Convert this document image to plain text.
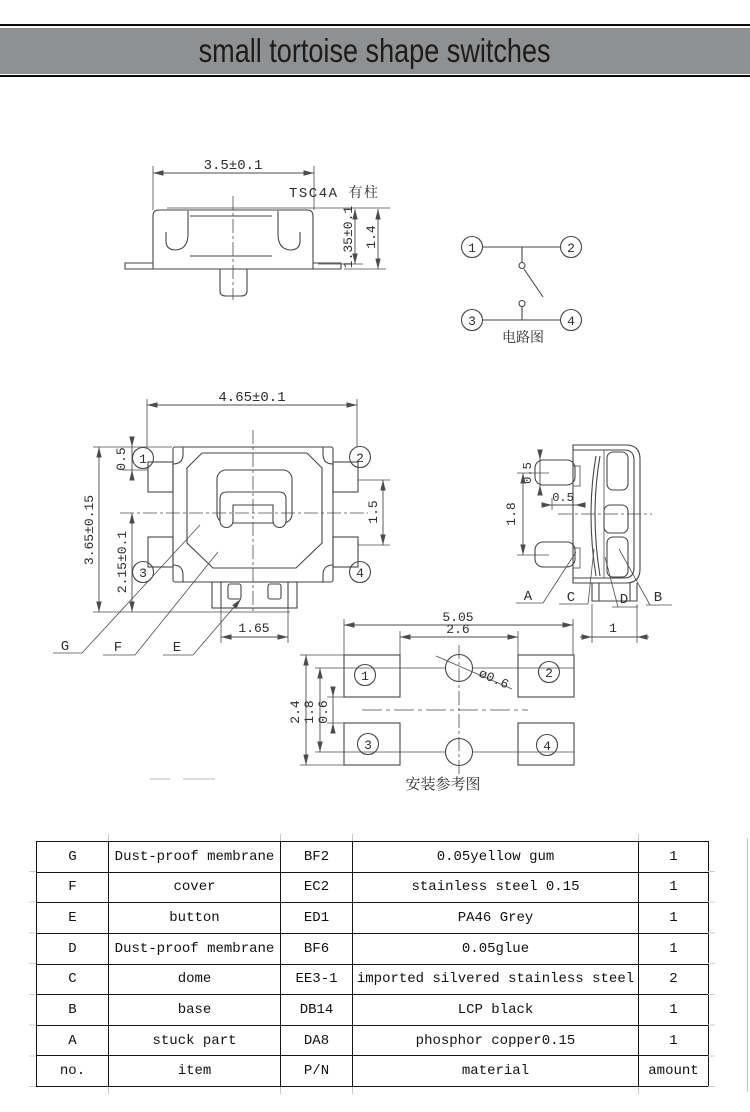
small tortoise shape switches
3.5±0.1
TSC4A 有柱
1.35±0.1 1.4	1	2
3	4
电路图
4.65±0.1
1	2
3	4
0.5
3.65±0.15 2.15±0.1
1.5
1.65
G	F	E
0.5
0.5
1.8
1
A C	D B
1	2
3	4
5.05
2.6
2.4 1.8 0.6
ø0.6
安装参考图
G	Dust-proof membrane	BF2	0.05yellow gum	1
F	cover	EC2	stainless steel 0.15	1
E	button	ED1	PA46 Grey	1
D	Dust-proof membrane	BF6	0.05glue	1
C	dome	EE3-1	imported silvered stainless steel	2
B	base	DB14	LCP black	1
A	stuck part	DA8	phosphor copper0.15	1
no.	item	P/N	material	amount
